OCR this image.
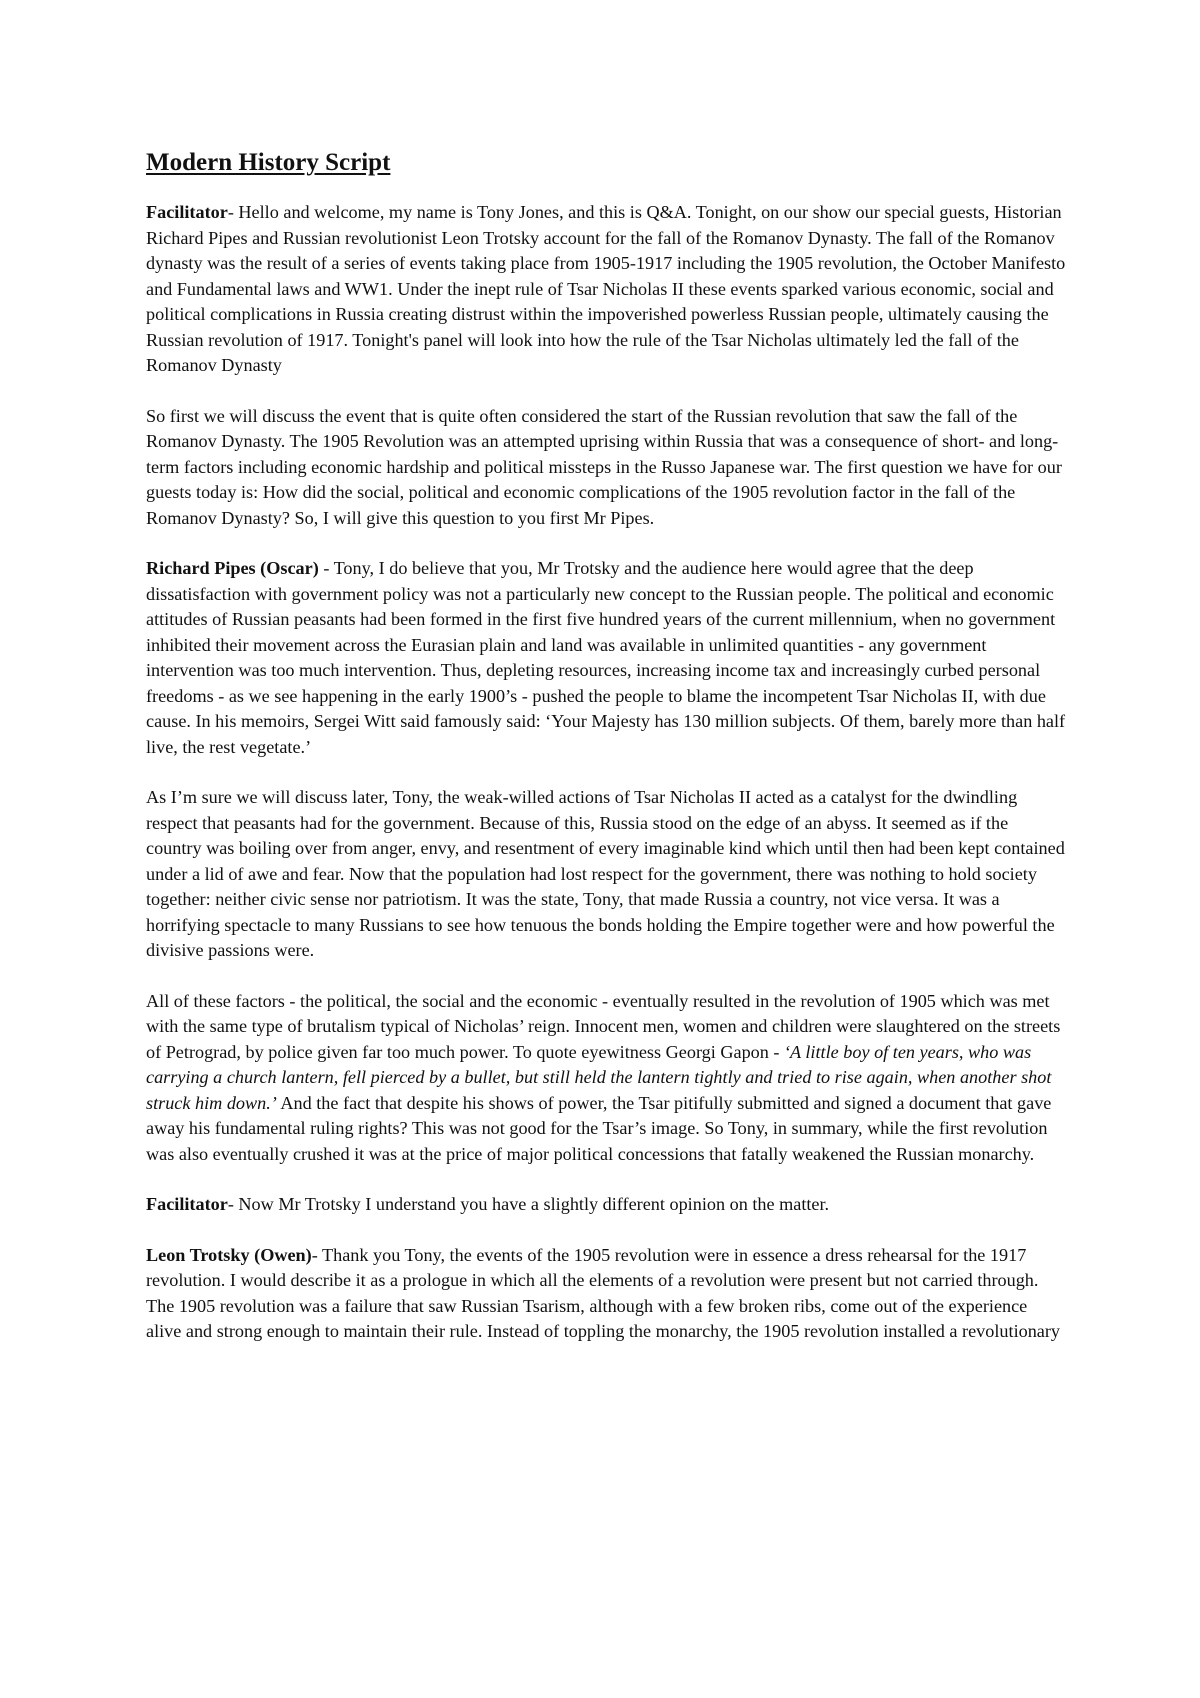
Modern History Script

Facilitator- Hello and welcome, my name is Tony Jones, and this is Q&A. Tonight, on our show our special guests, Historian Richard Pipes and Russian revolutionist Leon Trotsky account for the fall of the Romanov Dynasty. The fall of the Romanov dynasty was the result of a series of events taking place from 1905-1917 including the 1905 revolution, the October Manifesto and Fundamental laws and WW1. Under the inept rule of Tsar Nicholas II these events sparked various economic, social and political complications in Russia creating distrust within the impoverished powerless Russian people, ultimately causing the Russian revolution of 1917. Tonight's panel will look into how the rule of the Tsar Nicholas ultimately led the fall of the Romanov Dynasty

So first we will discuss the event that is quite often considered the start of the Russian revolution that saw the fall of the Romanov Dynasty. The 1905 Revolution was an attempted uprising within Russia that was a consequence of short- and long-term factors including economic hardship and political missteps in the Russo Japanese war. The first question we have for our guests today is: How did the social, political and economic complications of the 1905 revolution factor in the fall of the Romanov Dynasty? So, I will give this question to you first Mr Pipes.

Richard Pipes (Oscar) - Tony, I do believe that you, Mr Trotsky and the audience here would agree that the deep dissatisfaction with government policy was not a particularly new concept to the Russian people. The political and economic attitudes of Russian peasants had been formed in the first five hundred years of the current millennium, when no government inhibited their movement across the Eurasian plain and land was available in unlimited quantities - any government intervention was too much intervention. Thus, depleting resources, increasing income tax and increasingly curbed personal freedoms - as we see happening in the early 1900’s - pushed the people to blame the incompetent Tsar Nicholas II, with due cause. In his memoirs, Sergei Witt said famously said: ‘Your Majesty has 130 million subjects. Of them, barely more than half live, the rest vegetate.’

As I’m sure we will discuss later, Tony, the weak-willed actions of Tsar Nicholas II acted as a catalyst for the dwindling respect that peasants had for the government. Because of this, Russia stood on the edge of an abyss. It seemed as if the country was boiling over from anger, envy, and resentment of every imaginable kind which until then had been kept contained under a lid of awe and fear. Now that the population had lost respect for the government, there was nothing to hold society together: neither civic sense nor patriotism. It was the state, Tony, that made Russia a country, not vice versa. It was a horrifying spectacle to many Russians to see how tenuous the bonds holding the Empire together were and how powerful the divisive passions were.

All of these factors - the political, the social and the economic - eventually resulted in the revolution of 1905 which was met with the same type of brutalism typical of Nicholas’ reign. Innocent men, women and children were slaughtered on the streets of Petrograd, by police given far too much power. To quote eyewitness Georgi Gapon - ‘A little boy of ten years, who was carrying a church lantern, fell pierced by a bullet, but still held the lantern tightly and tried to rise again, when another shot struck him down.’ And the fact that despite his shows of power, the Tsar pitifully submitted and signed a document that gave away his fundamental ruling rights? This was not good for the Tsar’s image. So Tony, in summary, while the first revolution was also eventually crushed it was at the price of major political concessions that fatally weakened the Russian monarchy.

Facilitator- Now Mr Trotsky I understand you have a slightly different opinion on the matter.

Leon Trotsky (Owen)- Thank you Tony, the events of the 1905 revolution were in essence a dress rehearsal for the 1917 revolution. I would describe it as a prologue in which all the elements of a revolution were present but not carried through. The 1905 revolution was a failure that saw Russian Tsarism, although with a few broken ribs, come out of the experience alive and strong enough to maintain their rule. Instead of toppling the monarchy, the 1905 revolution installed a revolutionary
